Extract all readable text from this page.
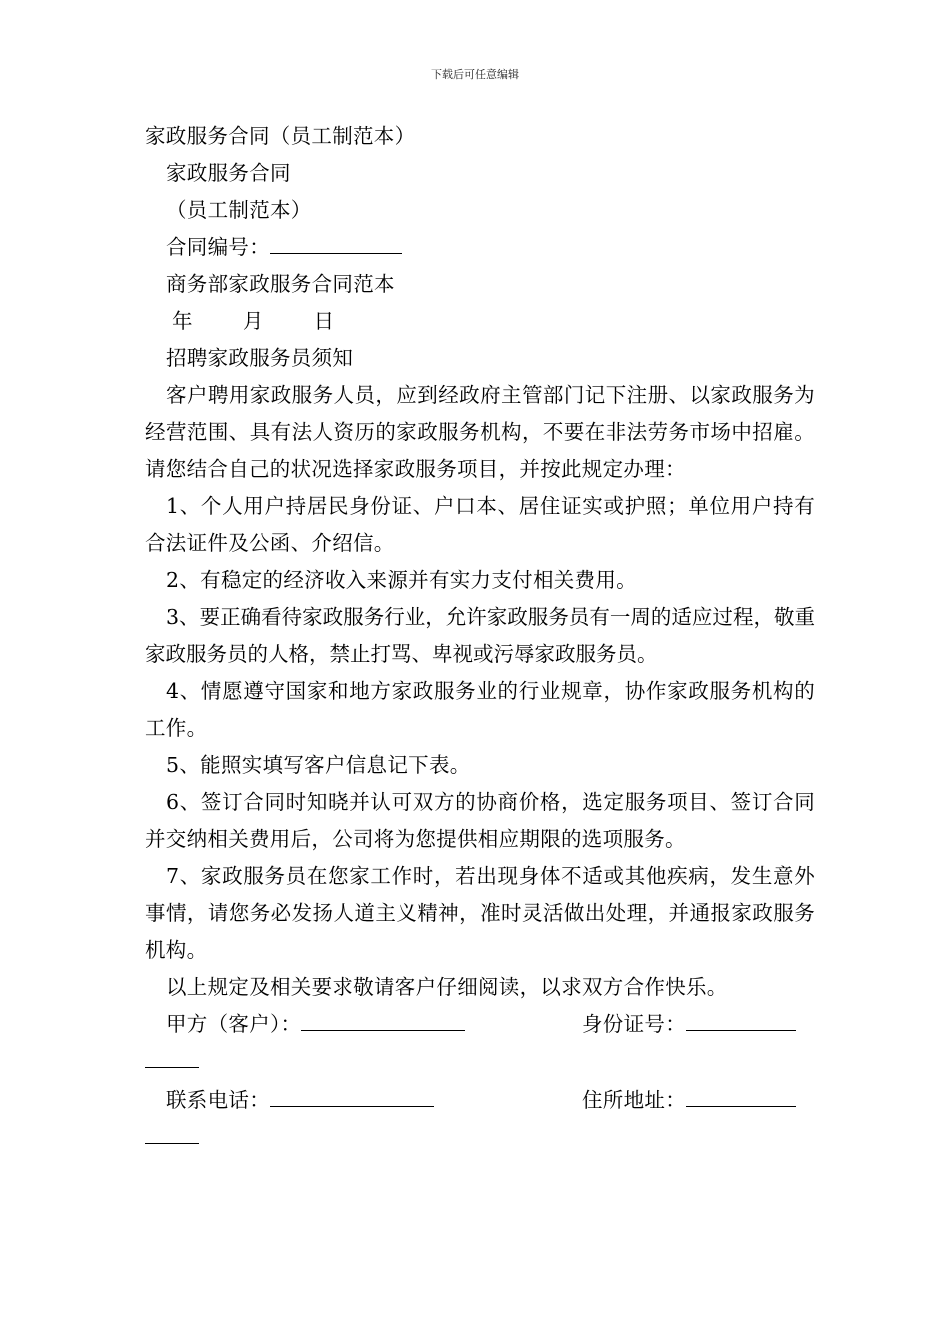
下载后可任意编辑
家政服务合同（员工制范本）
家政服务合同
（员工制范本）
合同编号：
商务部家政服务合同范本
年 月 日
招聘家政服务员须知
客户聘用家政服务人员，应到经政府主管部门记下注册、以家政服务为经营范围、具有法人资历的家政服务机构，不要在非法劳务市场中招雇。请您结合自己的状况选择家政服务项目，并按此规定办理：
1、个人用户持居民身份证、户口本、居住证实或护照；单位用户持有合法证件及公函、介绍信。
2、有稳定的经济收入来源并有实力支付相关费用。
3、要正确看待家政服务行业，允许家政服务员有一周的适应过程，敬重家政服务员的人格，禁止打骂、卑视或污辱家政服务员。
4、情愿遵守国家和地方家政服务业的行业规章，协作家政服务机构的工作。
5、能照实填写客户信息记下表。
6、签订合同时知晓并认可双方的协商价格，选定服务项目、签订合同并交纳相关费用后，公司将为您提供相应期限的选项服务。
7、家政服务员在您家工作时，若出现身体不适或其他疾病，发生意外事情，请您务必发扬人道主义精神，准时灵活做出处理，并通报家政服务机构。
以上规定及相关要求敬请客户仔细阅读，以求双方合作快乐。
甲方（客户）：	身份证号：
联系电话：	住所地址：
